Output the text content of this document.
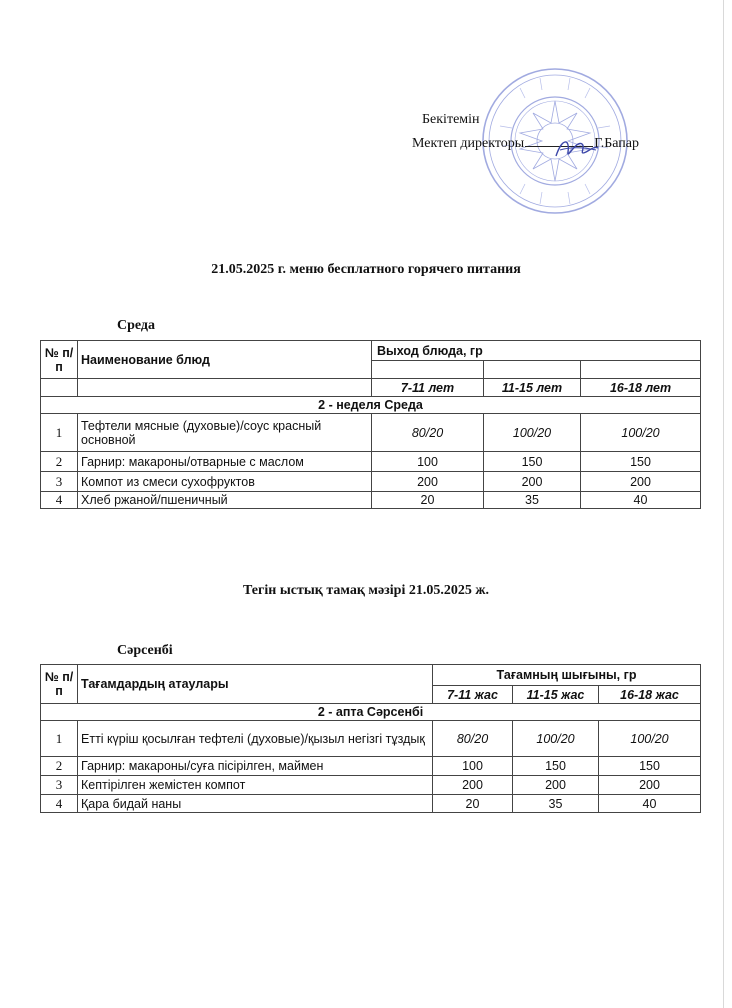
Бекітемін
Мектеп директоры	Г.Бапар
21.05.2025 г. меню бесплатного горячего питания
Среда
№ п/п	Наименование блюд	Выход блюда, гр		

		7-11 лет	11-15 лет	16-18 лет
2 - неделя Среда				
1	Тефтели мясные (духовые)/соус красный основной	80/20	100/20	100/20
2	Гарнир: макароны/отварные с маслом	100	150	150
3	Компот из смеси сухофруктов	200	200	200
4	Хлеб ржаной/пшеничный	20	35	40
Тегін ыстық тамақ мәзірі 21.05.2025 ж.
Сәрсенбі
№ п/п	Тағамдардың атаулары	Тағамның шығыны, гр		
		7-11 жас	11-15 жас	16-18 жас
2 - апта Сәрсенбі				
1	Етті күріш қосылған тефтелі (духовые)/қызыл негізгі тұздық	80/20	100/20	100/20
2	Гарнир: макароны/суға пісірілген, маймен	100	150	150
3	Кептірілген жемістен компот	200	200	200
4	Қара бидай наны	20	35	40
